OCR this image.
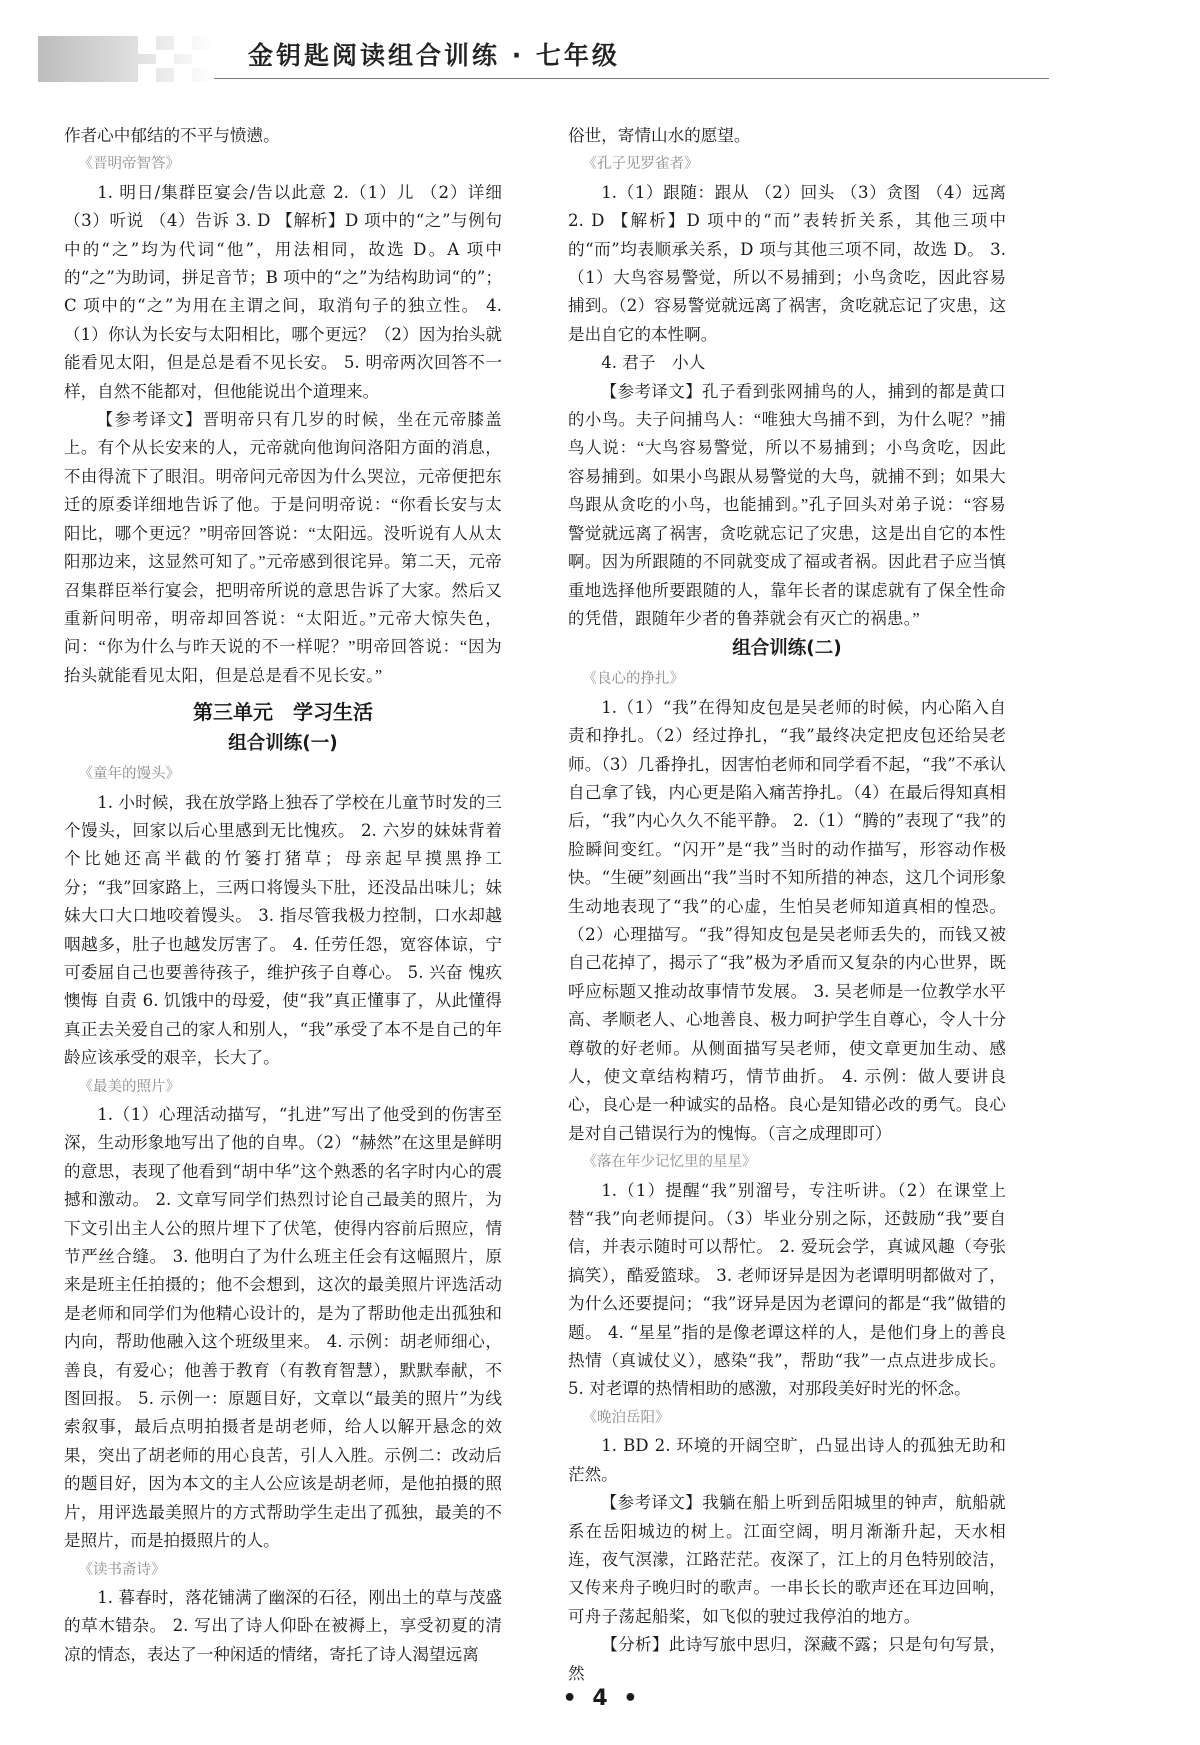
金钥匙阅读组合训练 · 七年级

作者心中郁结的不平与愤懑。

《晋明帝智答》

1. 明日/集群臣宴会/告以此意 2.（1）儿 （2）详细 （3）听说 （4）告诉 3. D 【解析】D 项中的“之”与例句中的“之”均为代词“他”，用法相同，故选 D。A 项中的“之”为助词，拼足音节；B 项中的“之”为结构助词“的”；C 项中的“之”为用在主谓之间，取消句子的独立性。 4.（1）你认为长安与太阳相比，哪个更远？（2）因为抬头就能看见太阳，但是总是看不见长安。 5. 明帝两次回答不一样，自然不能都对，但他能说出个道理来。

【参考译文】晋明帝只有几岁的时候，坐在元帝膝盖上。有个从长安来的人，元帝就向他询问洛阳方面的消息，不由得流下了眼泪。明帝问元帝因为什么哭泣，元帝便把东迁的原委详细地告诉了他。于是问明帝说：“你看长安与太阳比，哪个更远？”明帝回答说：“太阳远。没听说有人从太阳那边来，这显然可知了。”元帝感到很诧异。第二天，元帝召集群臣举行宴会，把明帝所说的意思告诉了大家。然后又重新问明帝，明帝却回答说：“太阳近。”元帝大惊失色，问：“你为什么与昨天说的不一样呢？”明帝回答说：“因为抬头就能看见太阳，但是总是看不见长安。”

第三单元　学习生活

组合训练(一)

《童年的馒头》

1. 小时候，我在放学路上独吞了学校在儿童节时发的三个馒头，回家以后心里感到无比愧疚。 2. 六岁的妹妹背着个比她还高半截的竹篓打猪草；母亲起早摸黑挣工分；“我”回家路上，三两口将馒头下肚，还没品出味儿；妹妹大口大口地咬着馒头。 3. 指尽管我极力控制，口水却越咽越多，肚子也越发厉害了。 4. 任劳任怨，宽容体谅，宁可委屈自己也要善待孩子，维护孩子自尊心。 5. 兴奋 愧疚 懊悔 自责 6. 饥饿中的母爱，使“我”真正懂事了，从此懂得真正去关爱自己的家人和别人，“我”承受了本不是自己的年龄应该承受的艰辛，长大了。

《最美的照片》

1.（1）心理活动描写，“扎进”写出了他受到的伤害至深，生动形象地写出了他的自卑。（2）“赫然”在这里是鲜明的意思，表现了他看到“胡中华”这个熟悉的名字时内心的震撼和激动。 2. 文章写同学们热烈讨论自己最美的照片，为下文引出主人公的照片埋下了伏笔，使得内容前后照应，情节严丝合缝。 3. 他明白了为什么班主任会有这幅照片，原来是班主任拍摄的；他不会想到，这次的最美照片评选活动是老师和同学们为他精心设计的，是为了帮助他走出孤独和内向，帮助他融入这个班级里来。 4. 示例：胡老师细心，善良，有爱心；他善于教育（有教育智慧），默默奉献，不图回报。 5. 示例一：原题目好，文章以“最美的照片”为线索叙事，最后点明拍摄者是胡老师，给人以解开悬念的效果，突出了胡老师的用心良苦，引人入胜。示例二：改动后的题目好，因为本文的主人公应该是胡老师，是他拍摄的照片，用评选最美照片的方式帮助学生走出了孤独，最美的不是照片，而是拍摄照片的人。

《读书斋诗》

1. 暮春时，落花铺满了幽深的石径，刚出土的草与茂盛的草木错杂。 2. 写出了诗人仰卧在被褥上，享受初夏的清凉的情态，表达了一种闲适的情绪，寄托了诗人渴望远离

俗世，寄情山水的愿望。

《孔子见罗雀者》

1.（1）跟随：跟从 （2）回头 （3）贪图 （4）远离 2. D 【解析】D 项中的“而”表转折关系，其他三项中的“而”均表顺承关系，D 项与其他三项不同，故选 D。 3.（1）大鸟容易警觉，所以不易捕到；小鸟贪吃，因此容易捕到。（2）容易警觉就远离了祸害，贪吃就忘记了灾患，这是出自它的本性啊。

4. 君子　小人

【参考译文】孔子看到张网捕鸟的人，捕到的都是黄口的小鸟。夫子问捕鸟人：“唯独大鸟捕不到，为什么呢？”捕鸟人说：“大鸟容易警觉，所以不易捕到；小鸟贪吃，因此容易捕到。如果小鸟跟从易警觉的大鸟，就捕不到；如果大鸟跟从贪吃的小鸟，也能捕到。”孔子回头对弟子说：“容易警觉就远离了祸害，贪吃就忘记了灾患，这是出自它的本性啊。因为所跟随的不同就变成了福或者祸。因此君子应当慎重地选择他所要跟随的人，靠年长者的谋虑就有了保全性命的凭借，跟随年少者的鲁莽就会有灭亡的祸患。”

组合训练(二)

《良心的挣扎》

1.（1）“我”在得知皮包是吴老师的时候，内心陷入自责和挣扎。（2）经过挣扎，“我”最终决定把皮包还给吴老师。（3）几番挣扎，因害怕老师和同学看不起，“我”不承认自己拿了钱，内心更是陷入痛苦挣扎。（4）在最后得知真相后，“我”内心久久不能平静。 2.（1）“腾的”表现了“我”的脸瞬间变红。“闪开”是“我”当时的动作描写，形容动作极快。“生硬”刻画出“我”当时不知所措的神态，这几个词形象生动地表现了“我”的心虚，生怕吴老师知道真相的惶恐。（2）心理描写。“我”得知皮包是吴老师丢失的，而钱又被自己花掉了，揭示了“我”极为矛盾而又复杂的内心世界，既呼应标题又推动故事情节发展。 3. 吴老师是一位教学水平高、孝顺老人、心地善良、极力呵护学生自尊心，令人十分尊敬的好老师。从侧面描写吴老师，使文章更加生动、感人，使文章结构精巧，情节曲折。 4. 示例：做人要讲良心，良心是一种诚实的品格。良心是知错必改的勇气。良心是对自己错误行为的愧悔。（言之成理即可）

《落在年少记忆里的星星》

1.（1）提醒“我”别溜号，专注听讲。（2）在课堂上替“我”向老师提问。（3）毕业分别之际，还鼓励“我”要自信，并表示随时可以帮忙。 2. 爱玩会学，真诚风趣（夸张搞笑），酷爱篮球。 3. 老师讶异是因为老谭明明都做对了，为什么还要提问；“我”讶异是因为老谭问的都是“我”做错的题。 4. “星星”指的是像老谭这样的人，是他们身上的善良热情（真诚仗义），感染“我”，帮助“我”一点点进步成长。 5. 对老谭的热情相助的感激，对那段美好时光的怀念。

《晚泊岳阳》

1. BD 2. 环境的开阔空旷，凸显出诗人的孤独无助和茫然。

【参考译文】我躺在船上听到岳阳城里的钟声，航船就系在岳阳城边的树上。江面空阔，明月渐渐升起，天水相连，夜气溟濛，江路茫茫。夜深了，江上的月色特别皎洁，又传来舟子晚归时的歌声。一串长长的歌声还在耳边回响，可舟子荡起船桨，如飞似的驶过我停泊的地方。

【分析】此诗写旅中思归，深藏不露；只是句句写景，然

• 4 •
